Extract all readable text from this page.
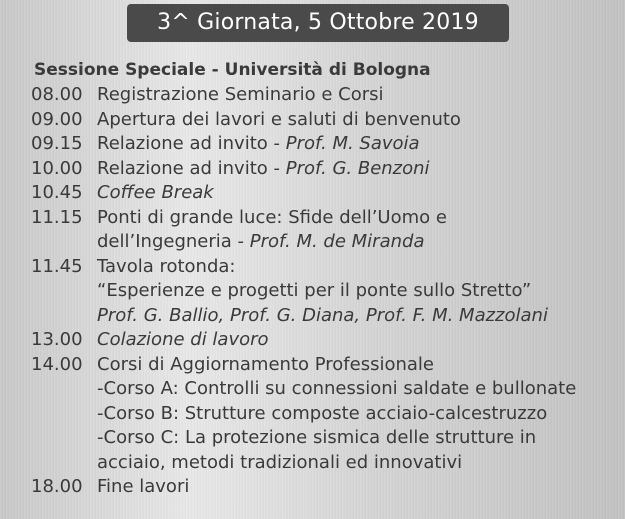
3^ Giornata, 5 Ottobre 2019
Sessione Speciale - Università di Bologna
08.00 Registrazione Seminario e Corsi
09.00 Apertura dei lavori e saluti di benvenuto
09.15 Relazione ad invito - Prof. M. Savoia
10.00 Relazione ad invito - Prof. G. Benzoni
10.45 Coffee Break
11.15 Ponti di grande luce: Sfide dell’Uomo e
dell’Ingegneria - Prof. M. de Miranda
11.45 Tavola rotonda:
“Esperienze e progetti per il ponte sullo Stretto”
Prof. G. Ballio, Prof. G. Diana, Prof. F. M. Mazzolani
13.00 Colazione di lavoro
14.00 Corsi di Aggiornamento Professionale
-Corso A: Controlli su connessioni saldate e bullonate
-Corso B: Strutture composte acciaio-calcestruzzo
-Corso C: La protezione sismica delle strutture in
acciaio, metodi tradizionali ed innovativi
18.00 Fine lavori
